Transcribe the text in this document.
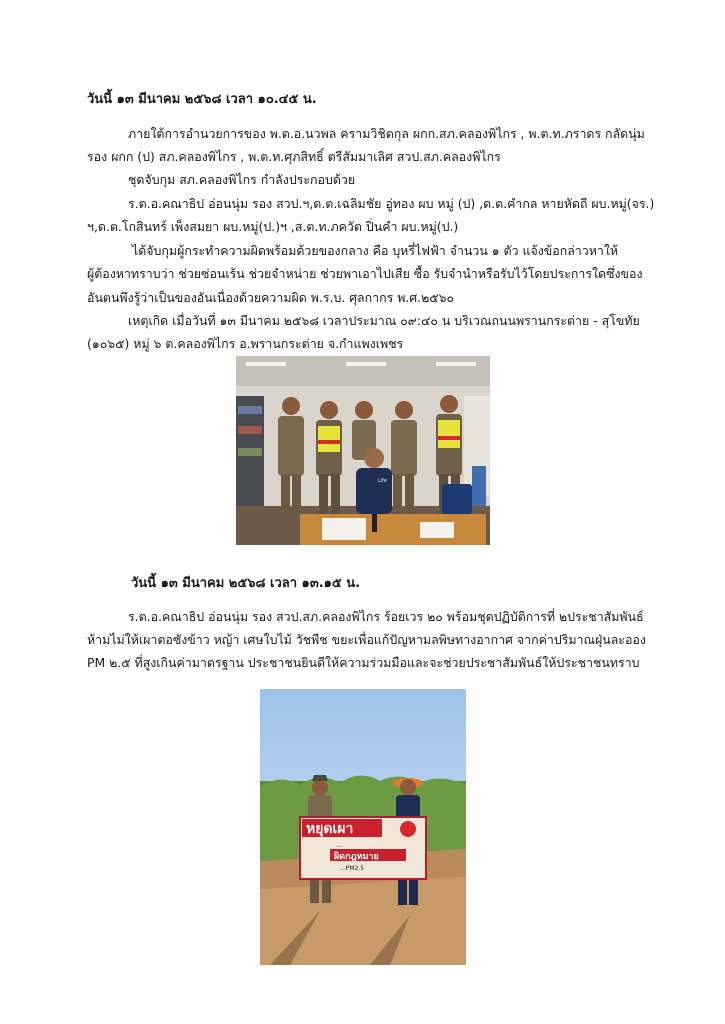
วันนี้ ๑๓ มีนาคม ๒๕๖๘ เวลา ๑๐.๔๕ น.
ภายใต้การอำนวยการของ พ.ต.อ.นวพล ครามวิชิตกุล ผกก.สภ.คลองพิไกร , พ.ต.ท.ภราดร กลัดนุ่ม
รอง ผกก (ป) สภ.คลองพิไกร , พ.ต.ท.ศุภสิทธิ์ ตรีสัมมาเลิศ สวป.สภ.คลองพิไกร
ชุดจับกุม สภ.คลองพิไกร กำลังประกอบด้วย
ร.ต.อ.คณาธิป อ่อนนุ่ม รอง สวป.ฯ,ด.ต.เฉลิมชัย อู่ทอง ผบ หมู่ (ป) ,ด.ต.คำกล หายหัดถี ผบ.หมู่(จร.)
ฯ,ด.ต.โกสินทร์ เพ็งสมยา ผบ.หมู่(ป.)ฯ ,ส.ต.ท.ภควัต ปิ่นคำ ผบ.หมู่(ป.)
ได้จับกุมผู้กระทำความผิดพร้อมด้วยของกลาง คือ บุหรี่ไฟฟ้า จำนวน ๑ ตัว แจ้งข้อกล่าวหาให้
ผู้ต้องหาทราบว่า ช่วยซ่อนเร้น ช่วยจำหน่าย ช่วยพาเอาไปเสีย ซื้อ รับจำนำหรือรับไว้โดยประการใดซึ่งของ
อันตนพึงรู้ว่าเป็นของอันเนื่องด้วยความผิด พ.ร.บ. ศุลกากร พ.ศ.๒๕๖๐
เหตุเกิด เมื่อวันที่ ๑๓ มีนาคม ๒๕๖๘ เวลาประมาณ ๐๙:๔๐ น บริเวณถนนพรานกระต่าย - สุโขทัย
(๑๐๖๕) หมู่ ๖ ต.คลองพิไกร อ.พรานกระต่าย จ.กำแพงเพชร
Life
วันนี้ ๑๓ มีนาคม ๒๕๖๘ เวลา ๑๓.๑๕ น.
ร.ต.อ.คณาธิป อ่อนนุ่ม รอง สวป.สภ.คลองพิไกร ร้อยเวร ๒๐ พร้อมชุดปฏิบัติการที่ ๒ประชาสัมพันธ์
ห้ามไม่ให้เผาตอซังข้าว หญ้า เศษใบไม้ วัชพืช ขยะเพื่อแก้ปัญหามลพิษทางอากาศ จากค่าปริมาณฝุ่นละออง
PM ๒.๕ ที่สูงเกินค่ามาตรฐาน ประชาชนยินดีให้ความร่วมมือและจะช่วยประชาสัมพันธ์ให้ประชาชนทราบ
หยุดเผา
...
ผิดกฎหมาย
...PM2.5
